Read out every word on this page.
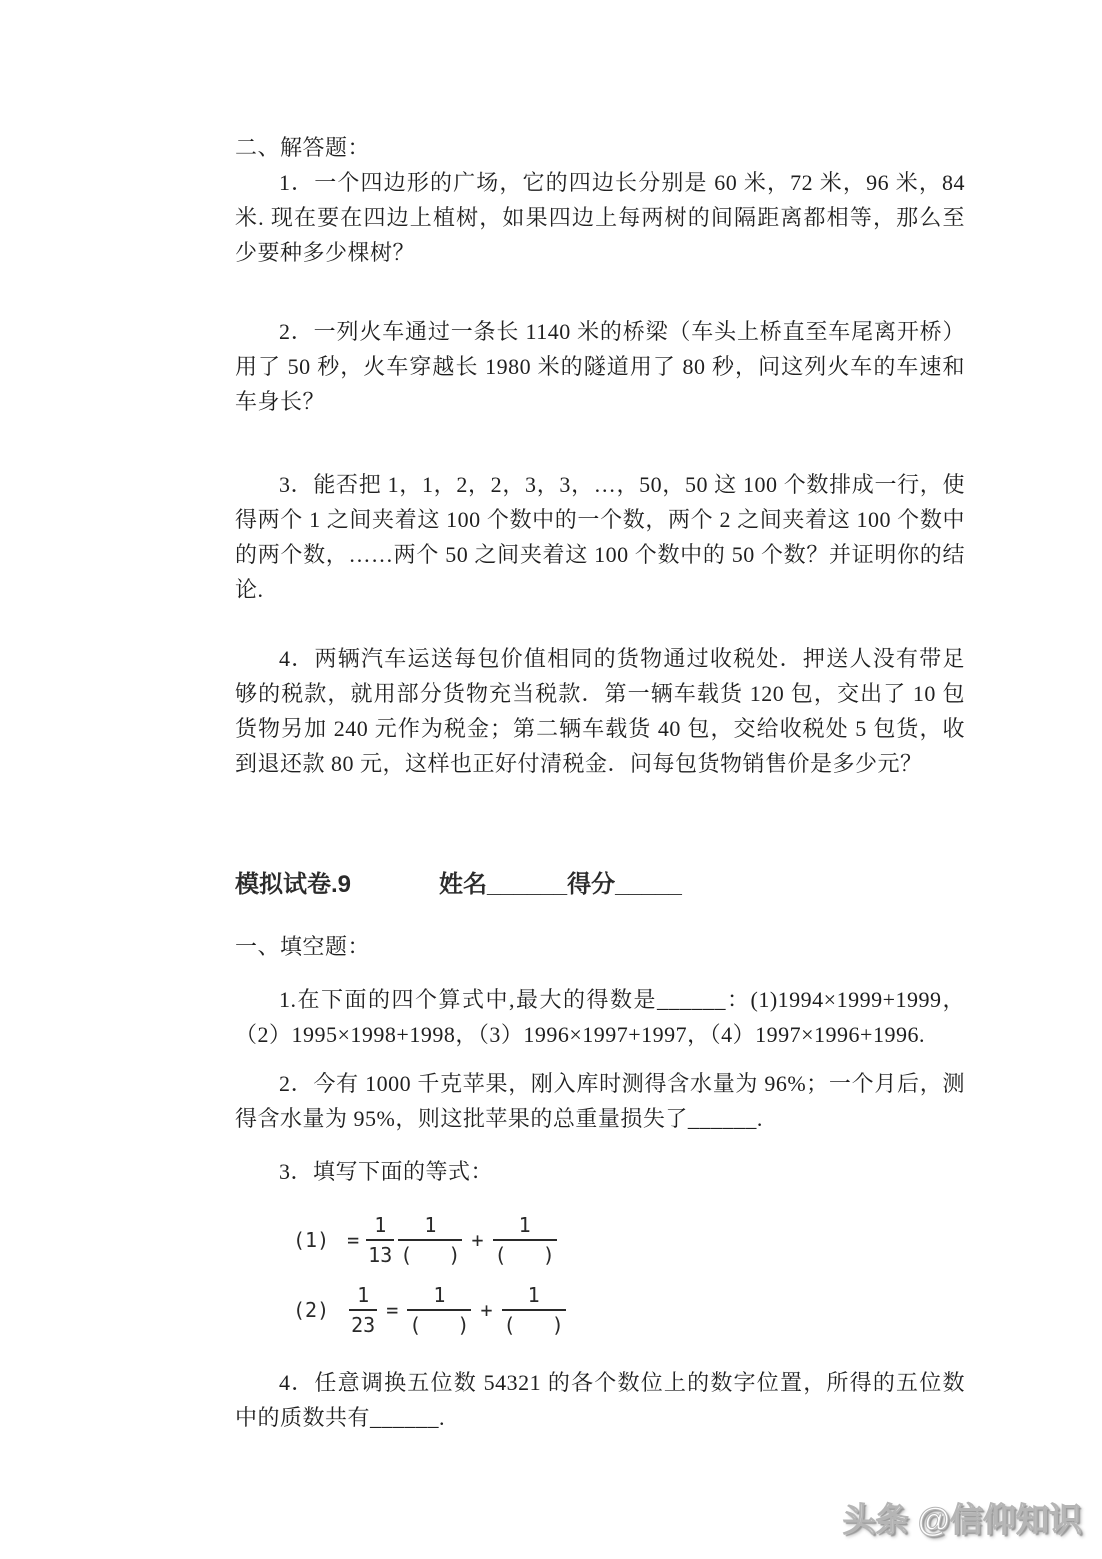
二、解答题：

1．一个四边形的广场，它的四边长分别是 60 米，72 米，96 米，84 米. 现在要在四边上植树，如果四边上每两树的间隔距离都相等，那么至少要种多少棵树？

2．一列火车通过一条长 1140 米的桥梁（车头上桥直至车尾离开桥）用了 50 秒，火车穿越长 1980 米的隧道用了 80 秒，问这列火车的车速和车身长？

3．能否把 1，1，2，2，3，3，…，50，50 这 100 个数排成一行，使得两个 1 之间夹着这 100 个数中的一个数，两个 2 之间夹着这 100 个数中的两个数，……两个 50 之间夹着这 100 个数中的 50 个数？并证明你的结论.

4．两辆汽车运送每包价值相同的货物通过收税处．押送人没有带足够的税款，就用部分货物充当税款．第一辆车载货 120 包，交出了 10 包货物另加 240 元作为税金；第二辆车载货 40 包，交给收税处 5 包货，收到退还款 80 元，这样也正好付清税金．问每包货物销售价是多少元？

模拟试卷.9	姓名______得分_____

一、填空题：

1.在下面的四个算式中,最大的得数是______：(1)1994×1999+1999，（2）1995×1998+1998，（3）1996×1997+1997，（4）1997×1996+1996.

2．今有 1000 千克苹果，刚入库时测得含水量为 96%；一个月后，测得含水量为 95%，则这批苹果的总重量损失了______.

3．填写下面的等式：

$(1) = \frac{1}{13} \frac{1}{( )} + \frac{1}{( )}$
$(2) \frac{1}{23} = \frac{1}{( )} + \frac{1}{( )}$

4．任意调换五位数 54321 的各个数位上的数字位置，所得的五位数中的质数共有______.

头条 @信仰知识
